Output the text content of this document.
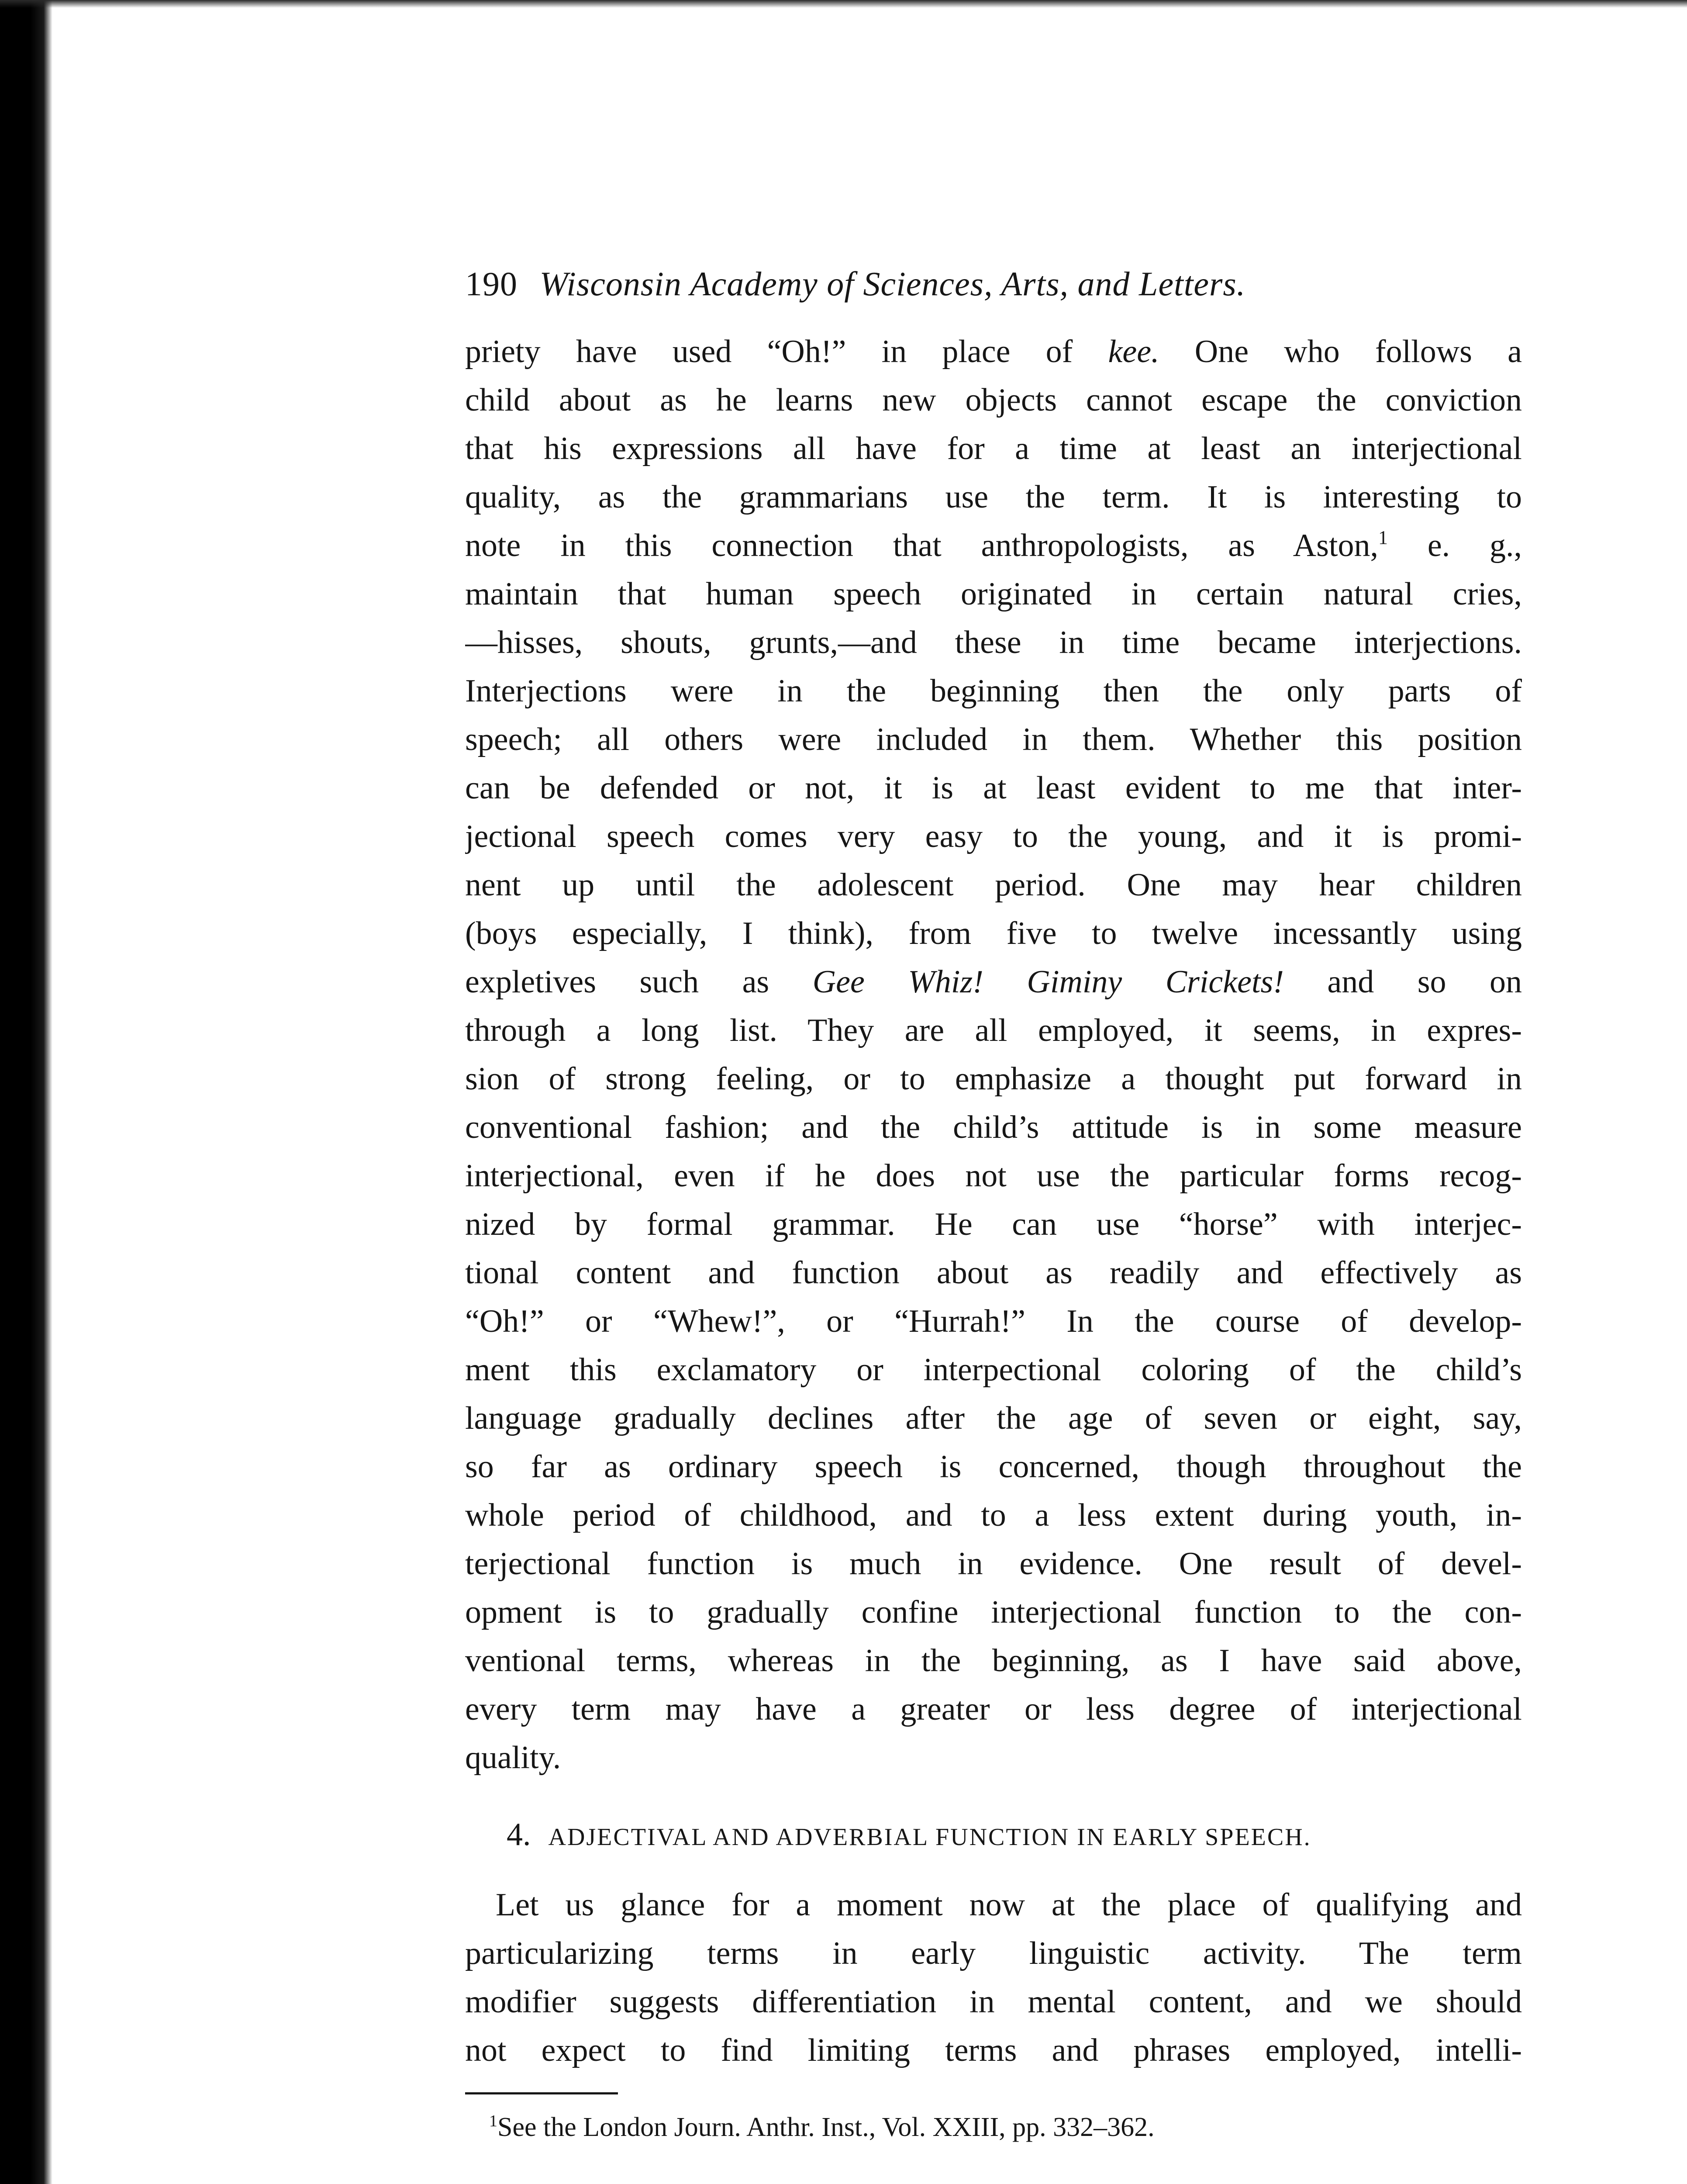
190 Wisconsin Academy of Sciences, Arts, and Letters.
priety have used “Oh!” in place of kee. One who follows a
child about as he learns new objects cannot escape the conviction
that his expressions all have for a time at least an interjectional
quality, as the grammarians use the term. It is interesting to
note in this connection that anthropologists, as Aston,$^1$ e. g.,
maintain that human speech originated in certain natural cries,
—hisses, shouts, grunts,—and these in time became interjections.
Interjections were in the beginning then the only parts of
speech; all others were included in them. Whether this position
can be defended or not, it is at least evident to me that inter-
jectional speech comes very easy to the young, and it is promi-
nent up until the adolescent period. One may hear children
(boys especially, I think), from five to twelve incessantly using
expletives such as Gee Whiz! Giminy Crickets! and so on
through a long list. They are all employed, it seems, in expres-
sion of strong feeling, or to emphasize a thought put forward in
conventional fashion; and the child’s attitude is in some measure
interjectional, even if he does not use the particular forms recog-
nized by formal grammar. He can use “horse” with interjec-
tional content and function about as readily and effectively as
“Oh!” or “Whew!”, or “Hurrah!” In the course of develop-
ment this exclamatory or interpectional coloring of the child’s
language gradually declines after the age of seven or eight, say,
so far as ordinary speech is concerned, though throughout the
whole period of childhood, and to a less extent during youth, in-
terjectional function is much in evidence. One result of devel-
opment is to gradually confine interjectional function to the con-
ventional terms, whereas in the beginning, as I have said above,
every term may have a greater or less degree of interjectional
quality.
4. ADJECTIVAL AND ADVERBIAL FUNCTION IN EARLY SPEECH.
Let us glance for a moment now at the place of qualifying and
particularizing terms in early linguistic activity. The term
modifier suggests differentiation in mental content, and we should
not expect to find limiting terms and phrases employed, intelli-
$^1$See the London Journ. Anthr. Inst., Vol. XXIII, pp. 332–362.
